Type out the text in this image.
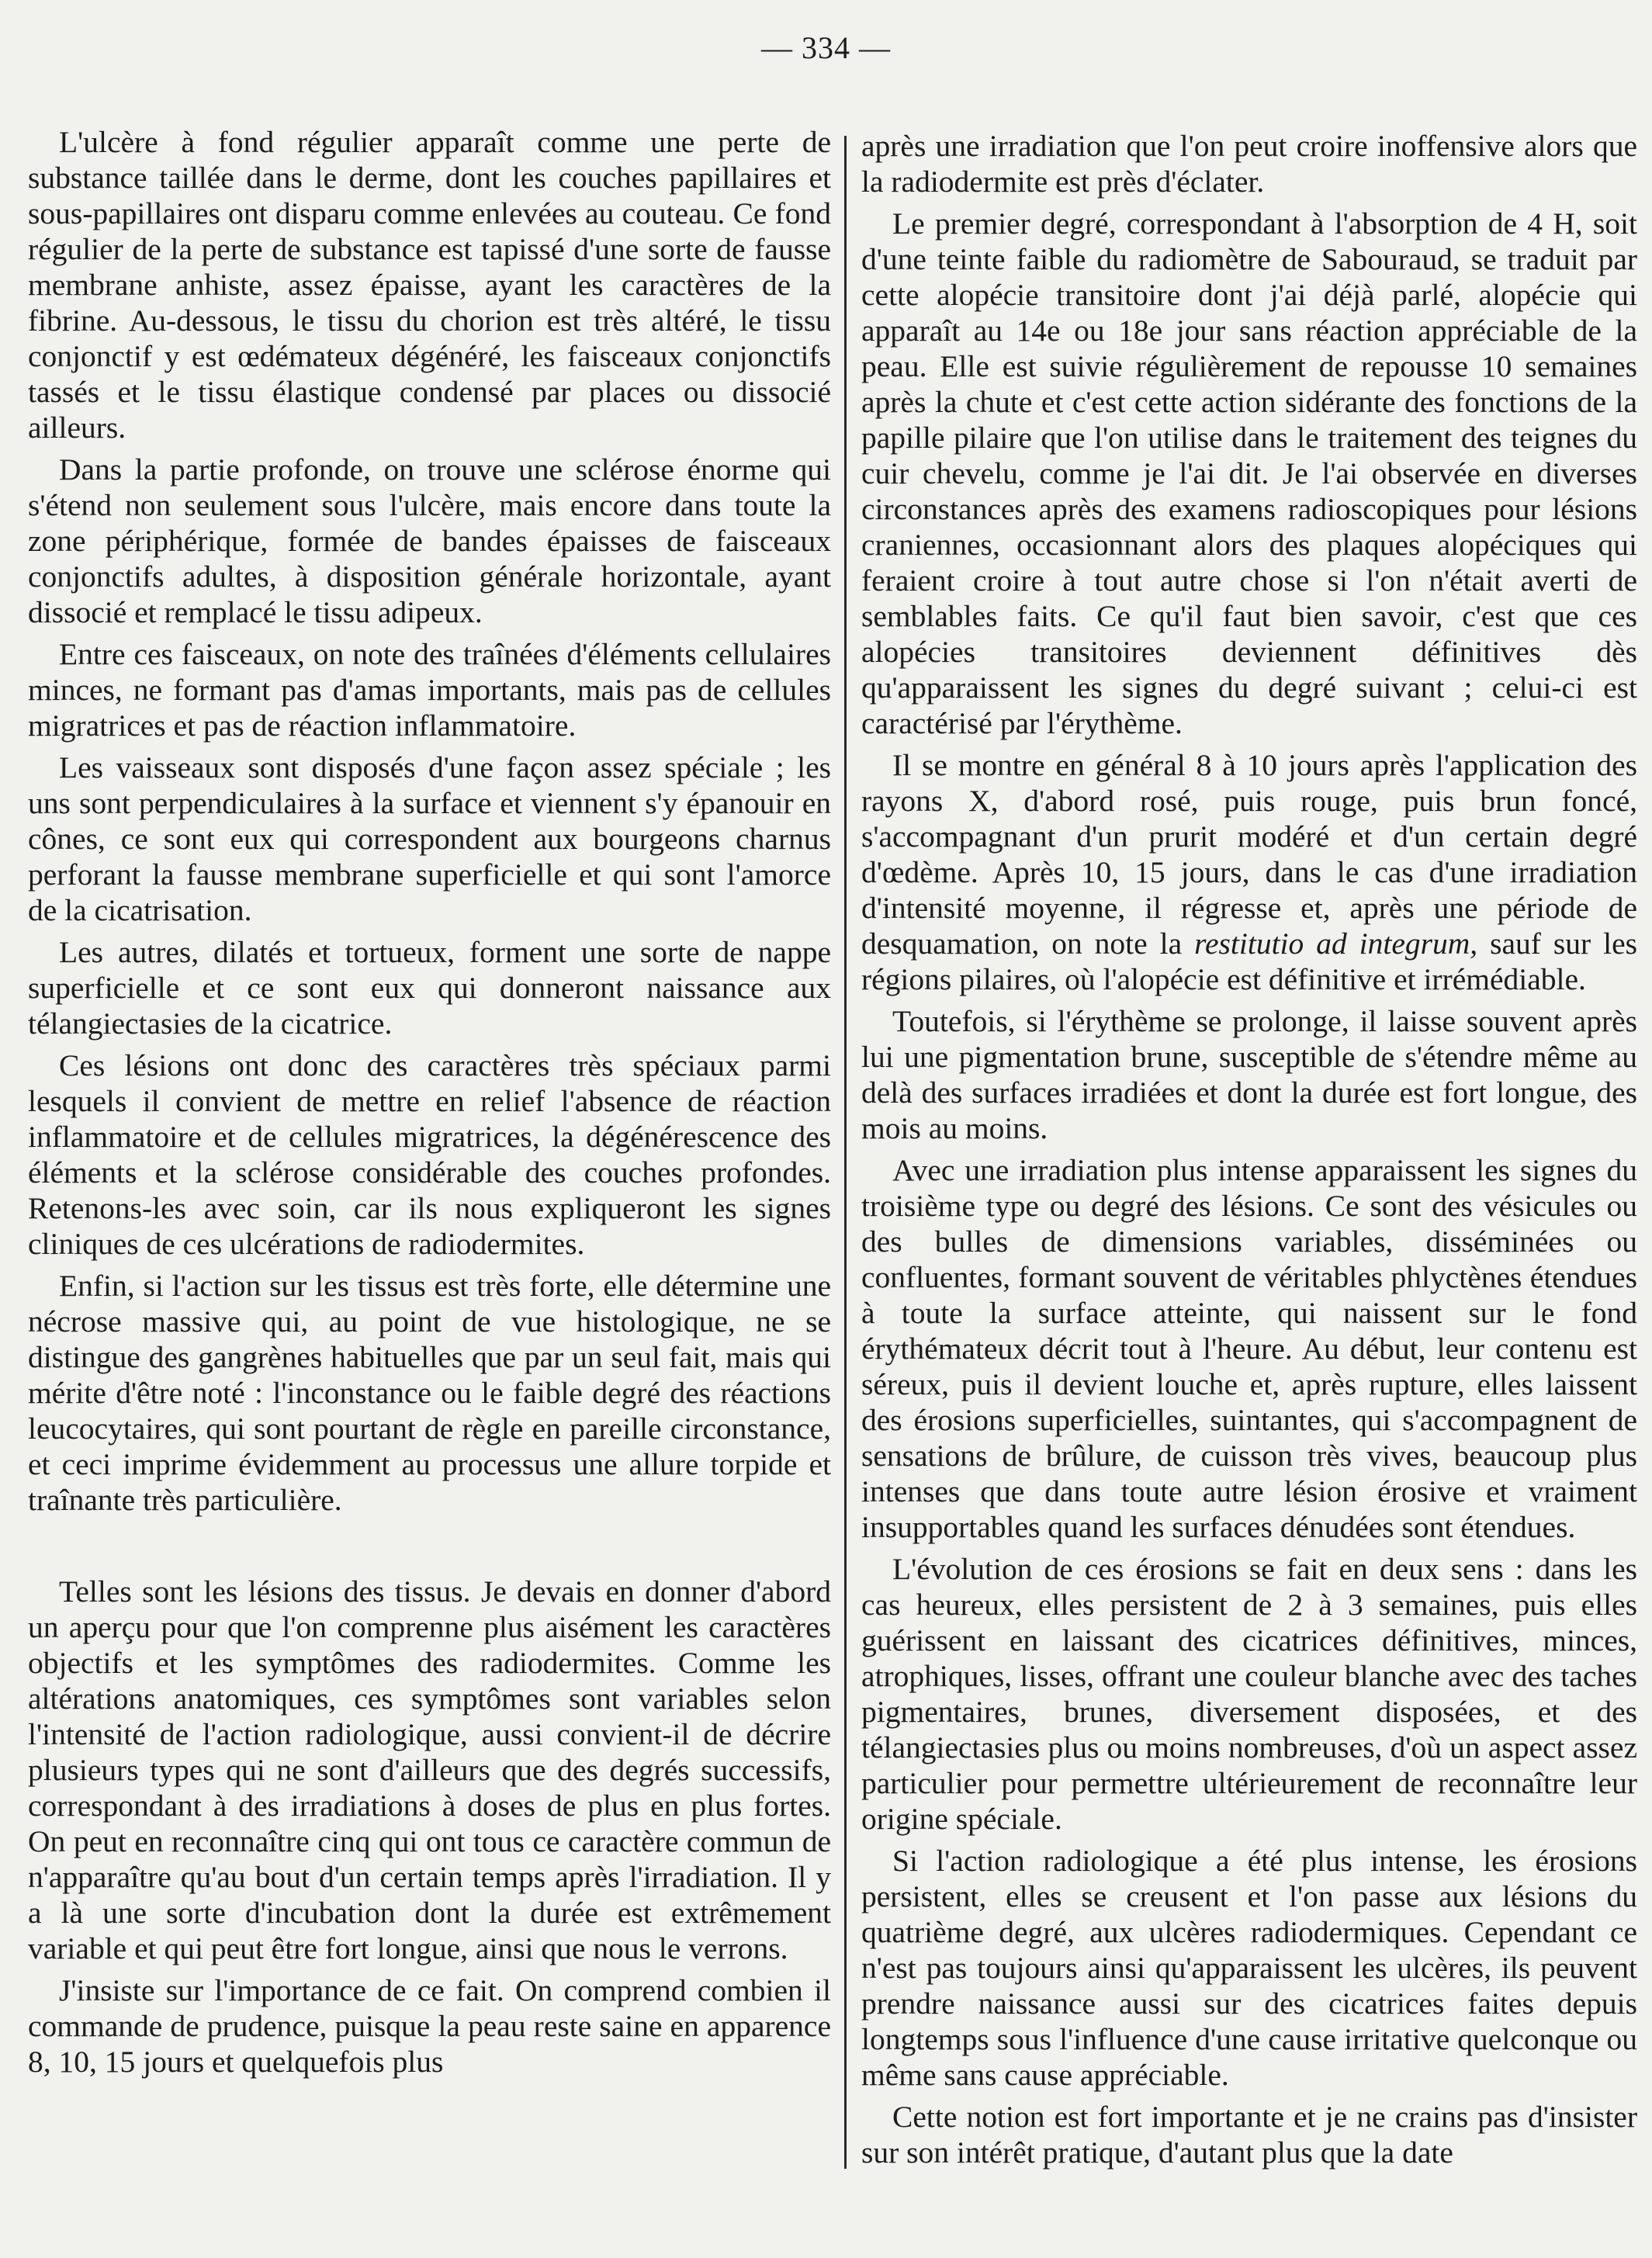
— 334 —

L'ulcère à fond régulier apparaît comme une perte de substance taillée dans le derme, dont les couches papillaires et sous-papillaires ont disparu comme enlevées au couteau. Ce fond régulier de la perte de substance est tapissé d'une sorte de fausse membrane anhiste, assez épaisse, ayant les caractères de la fibrine. Au-dessous, le tissu du chorion est très altéré, le tissu conjonctif y est œdémateux dégénéré, les faisceaux conjonctifs tassés et le tissu élastique condensé par places ou dissocié ailleurs.

Dans la partie profonde, on trouve une sclérose énorme qui s'étend non seulement sous l'ulcère, mais encore dans toute la zone périphérique, formée de bandes épaisses de faisceaux conjonctifs adultes, à disposition générale horizontale, ayant dissocié et remplacé le tissu adipeux.

Entre ces faisceaux, on note des traînées d'éléments cellulaires minces, ne formant pas d'amas importants, mais pas de cellules migratrices et pas de réaction inflammatoire.

Les vaisseaux sont disposés d'une façon assez spéciale ; les uns sont perpendiculaires à la surface et viennent s'y épanouir en cônes, ce sont eux qui correspondent aux bourgeons charnus perforant la fausse membrane superficielle et qui sont l'amorce de la cicatrisation.

Les autres, dilatés et tortueux, forment une sorte de nappe superficielle et ce sont eux qui donneront naissance aux télangiectasies de la cicatrice.

Ces lésions ont donc des caractères très spéciaux parmi lesquels il convient de mettre en relief l'absence de réaction inflammatoire et de cellules migratrices, la dégénérescence des éléments et la sclérose considérable des couches profondes. Retenons-les avec soin, car ils nous expliqueront les signes cliniques de ces ulcérations de radiodermites.

Enfin, si l'action sur les tissus est très forte, elle détermine une nécrose massive qui, au point de vue histologique, ne se distingue des gangrènes habituelles que par un seul fait, mais qui mérite d'être noté : l'inconstance ou le faible degré des réactions leucocytaires, qui sont pourtant de règle en pareille circonstance, et ceci imprime évidemment au processus une allure torpide et traînante très particulière.

Telles sont les lésions des tissus. Je devais en donner d'abord un aperçu pour que l'on comprenne plus aisément les caractères objectifs et les symptômes des radiodermites. Comme les altérations anatomiques, ces symptômes sont variables selon l'intensité de l'action radiologique, aussi convient-il de décrire plusieurs types qui ne sont d'ailleurs que des degrés successifs, correspondant à des irradiations à doses de plus en plus fortes. On peut en reconnaître cinq qui ont tous ce caractère commun de n'apparaître qu'au bout d'un certain temps après l'irradiation. Il y a là une sorte d'incubation dont la durée est extrêmement variable et qui peut être fort longue, ainsi que nous le verrons.

J'insiste sur l'importance de ce fait. On comprend combien il commande de prudence, puisque la peau reste saine en apparence 8, 10, 15 jours et quelquefois plus

après une irradiation que l'on peut croire inoffensive alors que la radiodermite est près d'éclater.

Le premier degré, correspondant à l'absorption de 4 H, soit d'une teinte faible du radiomètre de Sabouraud, se traduit par cette alopécie transitoire dont j'ai déjà parlé, alopécie qui apparaît au 14e ou 18e jour sans réaction appréciable de la peau. Elle est suivie régulièrement de repousse 10 semaines après la chute et c'est cette action sidérante des fonctions de la papille pilaire que l'on utilise dans le traitement des teignes du cuir chevelu, comme je l'ai dit. Je l'ai observée en diverses circonstances après des examens radioscopiques pour lésions craniennes, occasionnant alors des plaques alopéciques qui feraient croire à tout autre chose si l'on n'était averti de semblables faits. Ce qu'il faut bien savoir, c'est que ces alopécies transitoires deviennent définitives dès qu'apparaissent les signes du degré suivant ; celui-ci est caractérisé par l'érythème.

Il se montre en général 8 à 10 jours après l'application des rayons X, d'abord rosé, puis rouge, puis brun foncé, s'accompagnant d'un prurit modéré et d'un certain degré d'œdème. Après 10, 15 jours, dans le cas d'une irradiation d'intensité moyenne, il régresse et, après une période de desquamation, on note la restitutio ad integrum, sauf sur les régions pilaires, où l'alopécie est définitive et irrémédiable.

Toutefois, si l'érythème se prolonge, il laisse souvent après lui une pigmentation brune, susceptible de s'étendre même au delà des surfaces irradiées et dont la durée est fort longue, des mois au moins.

Avec une irradiation plus intense apparaissent les signes du troisième type ou degré des lésions. Ce sont des vésicules ou des bulles de dimensions variables, disséminées ou confluentes, formant souvent de véritables phlyctènes étendues à toute la surface atteinte, qui naissent sur le fond érythémateux décrit tout à l'heure. Au début, leur contenu est séreux, puis il devient louche et, après rupture, elles laissent des érosions superficielles, suintantes, qui s'accompagnent de sensations de brûlure, de cuisson très vives, beaucoup plus intenses que dans toute autre lésion érosive et vraiment insupportables quand les surfaces dénudées sont étendues.

L'évolution de ces érosions se fait en deux sens : dans les cas heureux, elles persistent de 2 à 3 semaines, puis elles guérissent en laissant des cicatrices définitives, minces, atrophiques, lisses, offrant une couleur blanche avec des taches pigmentaires, brunes, diversement disposées, et des télangiectasies plus ou moins nombreuses, d'où un aspect assez particulier pour permettre ultérieurement de reconnaître leur origine spéciale.

Si l'action radiologique a été plus intense, les érosions persistent, elles se creusent et l'on passe aux lésions du quatrième degré, aux ulcères radiodermiques. Cependant ce n'est pas toujours ainsi qu'apparaissent les ulcères, ils peuvent prendre naissance aussi sur des cicatrices faites depuis longtemps sous l'influence d'une cause irritative quelconque ou même sans cause appréciable.

Cette notion est fort importante et je ne crains pas d'insister sur son intérêt pratique, d'autant plus que la date
